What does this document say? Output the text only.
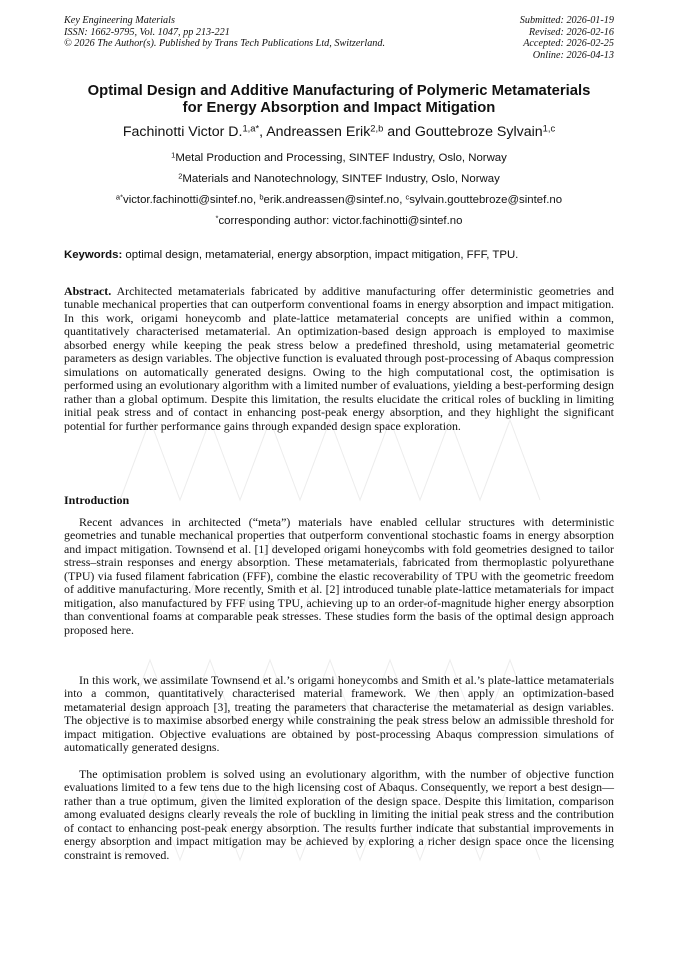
Key Engineering Materials
ISSN: 1662-9795, Vol. 1047, pp 213-221
© 2026 The Author(s). Published by Trans Tech Publications Ltd, Switzerland.
Submitted: 2026-01-19
Revised: 2026-02-16
Accepted: 2026-02-25
Online: 2026-04-13
Optimal Design and Additive Manufacturing of Polymeric Metamaterials
for Energy Absorption and Impact Mitigation
Fachinotti Victor D.$^{1,a*}$, Andreassen Erik$^{2,b}$ and Gouttebroze Sylvain$^{1,c}$
$^1$Metal Production and Processing, SINTEF Industry, Oslo, Norway
$^2$Materials and Nanotechnology, SINTEF Industry, Oslo, Norway
$^{a*}$victor.fachinotti@sintef.no, $^b$erik.andreassen@sintef.no, $^c$sylvain.gouttebroze@sintef.no
*corresponding author: victor.fachinotti@sintef.no
Keywords: optimal design, metamaterial, energy absorption, impact mitigation, FFF, TPU.
Abstract. Architected metamaterials fabricated by additive manufacturing offer deterministic geometries and tunable mechanical properties that can outperform conventional foams in energy absorption and impact mitigation. In this work, origami honeycomb and plate-lattice metamaterial concepts are unified within a common, quantitatively characterised metamaterial. An optimization-based design approach is employed to maximise absorbed energy while keeping the peak stress below a predefined threshold, using metamaterial geometric parameters as design variables. The objective function is evaluated through post-processing of Abaqus compression simulations on automatically generated designs. Owing to the high computational cost, the optimisation is performed using an evolutionary algorithm with a limited number of evaluations, yielding a best-performing design rather than a global optimum. Despite this limitation, the results elucidate the critical roles of buckling in limiting initial peak stress and of contact in enhancing post-peak energy absorption, and they highlight the significant potential for further performance gains through expanded design space exploration.
Introduction
Recent advances in architected (“meta”) materials have enabled cellular structures with deterministic geometries and tunable mechanical properties that outperform conventional stochastic foams in energy absorption and impact mitigation. Townsend et al. [1] developed origami honeycombs with fold geometries designed to tailor stress–strain responses and energy absorption. These metamaterials, fabricated from thermoplastic polyurethane (TPU) via fused filament fabrication (FFF), combine the elastic recoverability of TPU with the geometric freedom of additive manufacturing. More recently, Smith et al. [2] introduced tunable plate-lattice metamaterials for impact mitigation, also manufactured by FFF using TPU, achieving up to an order-of-magnitude higher energy absorption than conventional foams at comparable peak stresses. These studies form the basis of the optimal design approach proposed here.
In this work, we assimilate Townsend et al.’s origami honeycombs and Smith et al.’s plate-lattice metamaterials into a common, quantitatively characterised material framework. We then apply an optimization-based metamaterial design approach [3], treating the parameters that characterise the metamaterial as design variables. The objective is to maximise absorbed energy while constraining the peak stress below an admissible threshold for impact mitigation. Objective evaluations are obtained by post-processing Abaqus compression simulations of automatically generated designs.
The optimisation problem is solved using an evolutionary algorithm, with the number of objective function evaluations limited to a few tens due to the high licensing cost of Abaqus. Consequently, we report a best design—rather than a true optimum, given the limited exploration of the design space. Despite this limitation, comparison among evaluated designs clearly reveals the role of buckling in limiting the initial peak stress and the contribution of contact to enhancing post-peak energy absorption. The results further indicate that substantial improvements in energy absorption and impact mitigation may be achieved by exploring a richer design space once the licensing constraint is removed.
